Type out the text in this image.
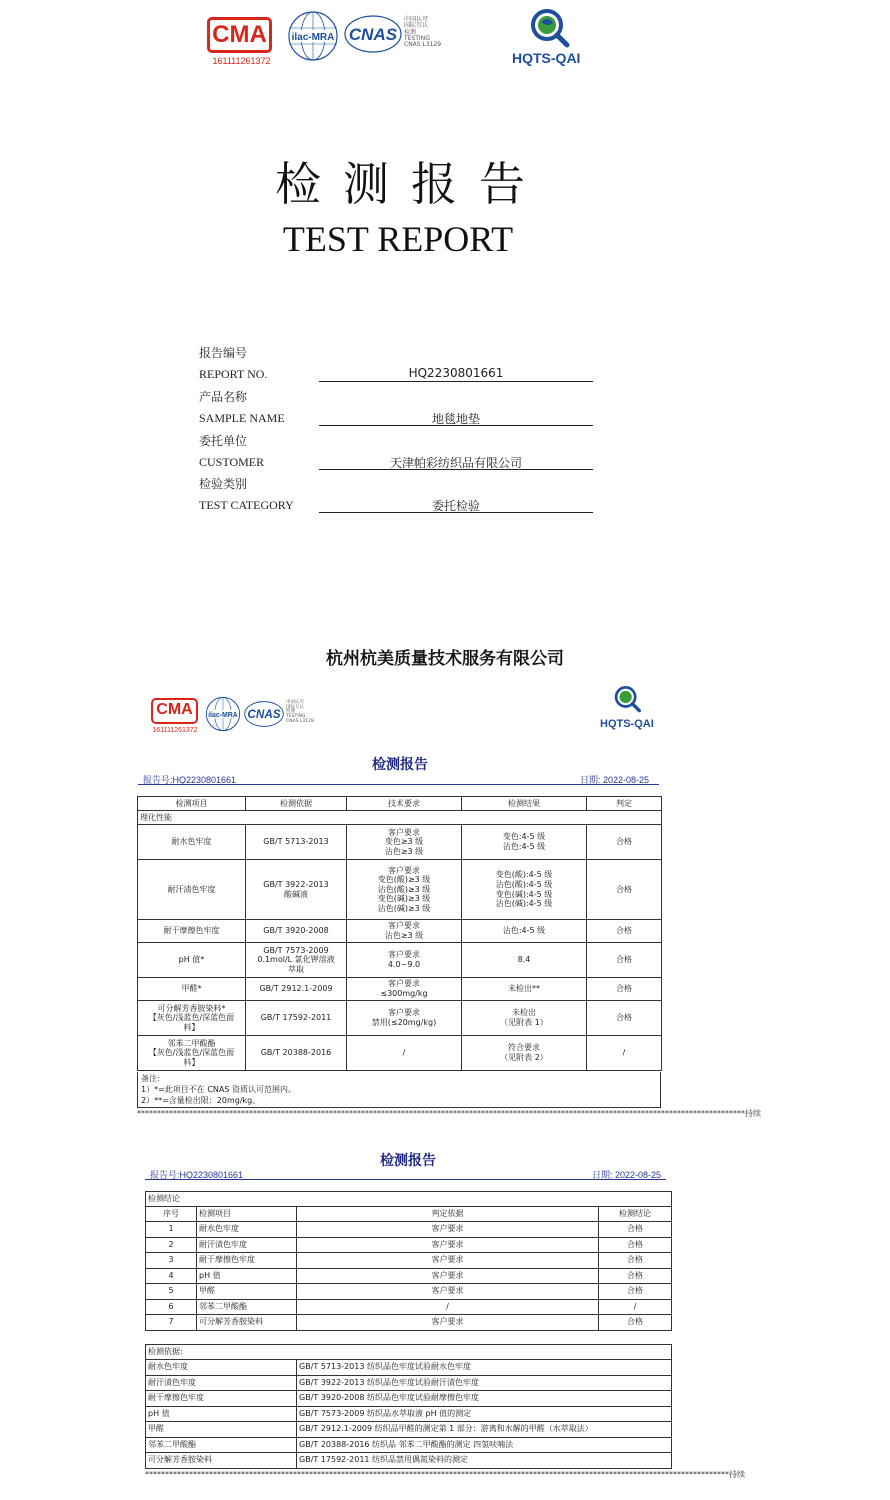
CMA
161111261372
ilac-MRA CNAS
中国认可
国际互认
检测
TESTING
CNAS L3129
HQTS-QAI
检测报告
TEST REPORT
报告编号
REPORT NO.	HQ2230801661
产品名称
SAMPLE NAME	地毯地垫
委托单位
CUSTOMER	天津帕彩纺织品有限公司
检验类别
TEST CATEGORY	委托检验
杭州杭美质量技术服务有限公司
CMA
161111261372
ilac-MRA CNAS
中国认可
国际互认
检测
TESTING
CNAS L3129	HQTS-QAI
检测报告
报告号:HQ2230801661	日期: 2022-08-25
检测项目	检测依据	技术要求	检测结果	判定
理化性能				

耐水色牢度	GB/T 5713-2013	客户要求
变色≥3 级
沾色≥3 级	变色:4-5 级
沾色:4-5 级	合格

耐汗渍色牢度	GB/T 3922-2013
酸碱液	客户要求
变色(酸)≥3 级
沾色(酸)≥3 级
变色(碱)≥3 级
沾色(碱)≥3 级	变色(酸):4-5 级
沾色(酸):4-5 级
变色(碱):4-5 级
沾色(碱):4-5 级	合格

耐干摩擦色牢度	GB/T 3920-2008	客户要求
沾色≥3 级	沾色:4-5 级	合格

pH 值*	GB/T 7573-2009
0.1mol/L 氯化钾溶液
萃取	客户要求
4.0~9.0	8.4	合格

甲醛*	GB/T 2912.1-2009	客户要求
≤300mg/kg	未检出**	合格

可分解芳香胺染料*
【灰色/浅蓝色/深蓝色面
料】	GB/T 17592-2011	客户要求
禁用(≤20mg/kg)	未检出
（见附表 1）	合格

邻苯二甲酸酯
【灰色/浅蓝色/深蓝色面
料】	GB/T 20388-2016	/	符合要求
（见附表 2）	/
备注:
1）*=此项目不在 CNAS 资质认可范围内。
2）**=含量检出限：20mg/kg。
********************************************************************************************************************************************************持续
检测报告
报告号:HQ2230801661	日期: 2022-08-25
检测结论			
序号	检测项目	判定依据	检测结论
1	耐水色牢度	客户要求	合格
2	耐汗渍色牢度	客户要求	合格
3	耐干摩擦色牢度	客户要求	合格
4	pH 值	客户要求	合格
5	甲醛	客户要求	合格
6	邻苯二甲酸酯	/	/
7	可分解芳香胺染料	客户要求	合格
检测依据:	
耐水色牢度	GB/T 5713-2013 纺织品色牢度试验耐水色牢度
耐汗渍色牢度	GB/T 3922-2013 纺织品色牢度试验耐汗渍色牢度
耐干摩擦色牢度	GB/T 3920-2008 纺织品色牢度试验耐摩擦色牢度
pH 值	GB/T 7573-2009 纺织品水萃取液 pH 值的测定
甲醛	GB/T 2912.1-2009 纺织品甲醛的测定第 1 部分：游离和水解的甲醛（水萃取法）
邻苯二甲酸酯	GB/T 20388-2016 纺织品 邻苯二甲酸酯的测定 四氢呋喃法
可分解芳香胺染料	GB/T 17592-2011 纺织品禁用偶氮染料的测定
**************************************************************************************************************************************************持续
